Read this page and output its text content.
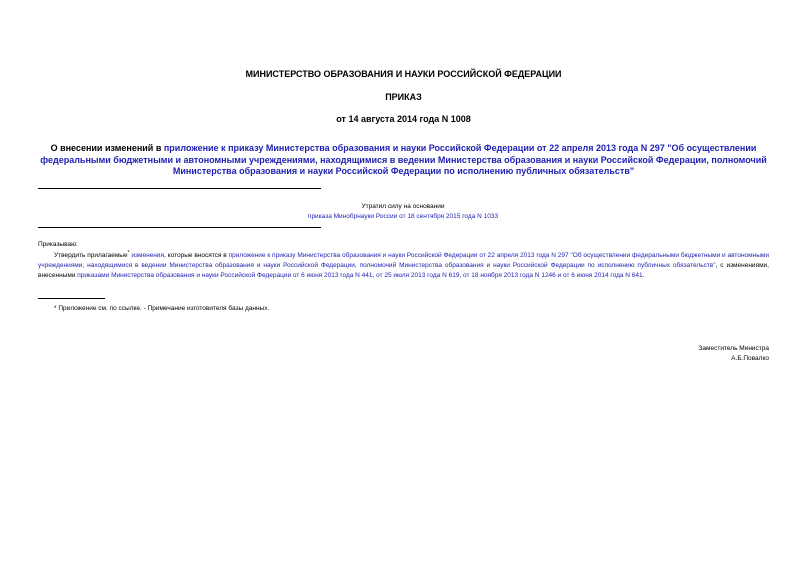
МИНИСТЕРСТВО ОБРАЗОВАНИЯ И НАУКИ РОССИЙСКОЙ ФЕДЕРАЦИИ
ПРИКАЗ
от 14 августа 2014 года N 1008
О внесении изменений в приложение к приказу Министерства образования и науки Российской Федерации от 22 апреля 2013 года N 297 "Об осуществлении федеральными бюджетными и автономными учреждениями, находящимися в ведении Министерства образования и науки Российской Федерации, полномочий Министерства образования и науки Российской Федерации по исполнению публичных обязательств"
Утратил силу на основании
приказа Минобрнауки России от 18 сентября 2015 года N 1033
Приказываю:
Утвердить прилагаемые* изменения, которые вносятся в приложение к приказу Министерства образования и науки Российской Федерации от 22 апреля 2013 года N 297 "Об осуществлении федеральными бюджетными и автономными учреждениями, находящимися в ведении Министерства образования и науки Российской Федерации, полномочий Министерства образования и науки Российской Федерации по исполнению публичных обязательств", с изменениями, внесенными приказами Министерства образования и науки Российской Федерации от 6 июня 2013 года N 441, от 25 июля 2013 года N 619, от 18 ноября 2013 года N 1246 и от 6 июня 2014 года N 641.
* Приложение см. по ссылке. - Примечание изготовителя базы данных.
Заместитель Министра
А.Б.Повалко
